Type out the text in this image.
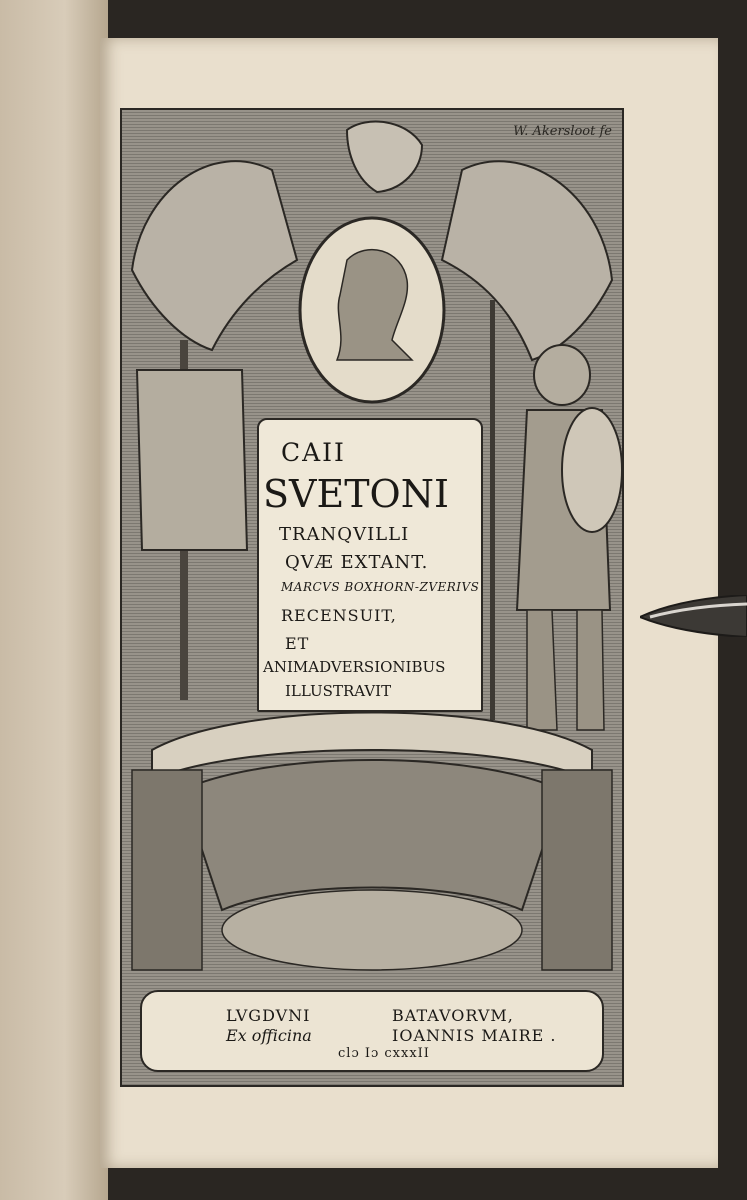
W. Akersloot fe
CAII
SVETONI
TRANQVILLI
QVÆ EXTANT.
MARCVS BOXHORN-ZVERIVS
RECENSUIT,
ET
ANIMADVERSIONIBUS
ILLUSTRAVIT
LVGDVNI	BATAVORVM,
Ex officina	IOANNIS MAIRE .
clɔ Iɔ cxxxII
